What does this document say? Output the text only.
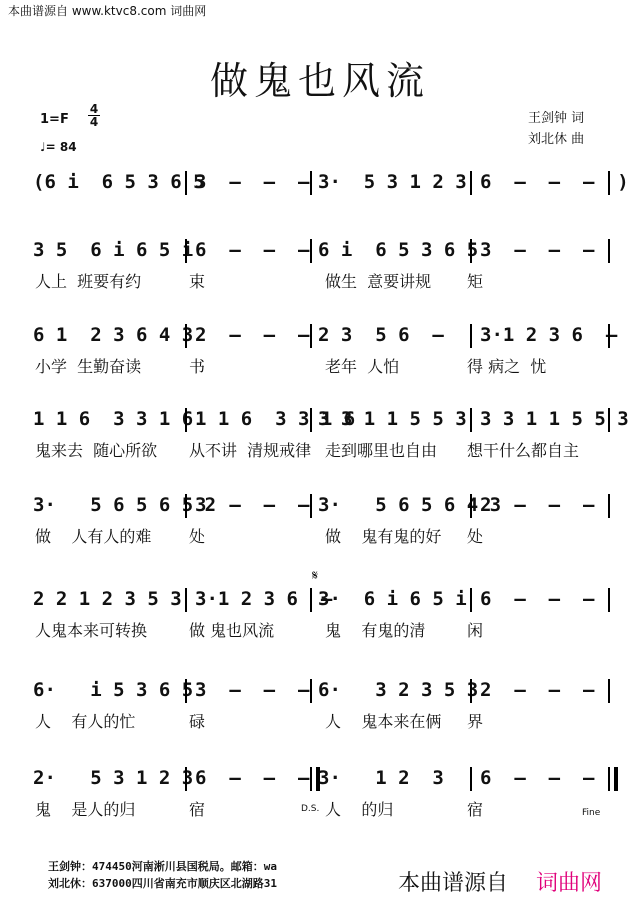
本曲谱源自 www.ktvc8.com 词曲网
做鬼也风流
1=F
4
4
♩= 84
王剑钟 词
刘北休 曲
(6 i  6 5 3 6 5
3  –  –  – 3·  5 3 1 2 3 6  –  –  –  )
3 5  6 i 6 5 i 6  –  –  – 6 i  6 5 3 6 5 3  –  –  –
人上  班要有约	束	做生  意要讲规 矩
6 1  2 3 6 4 3 2  –  –  – 2 3  5 6  – 3·1 2 3 6  –
小学  生勤奋读	书	老年  人怕	得 病之  忧
1 1 6  3 3 1 6 1 1 6  3 3 1 6
3 3 1 1 5 5 3 3 3 1 1 5 5 3
鬼来去  随心所欲 从不讲  清规戒律 走到哪里也自由 想干什么都自主
3·   5 6 5 6 5 2
3  –  –  – 3·   5 6 5 6 4 3
2  –  –  –
做    人有人的难 处	做    鬼有鬼的好 处
2 2 1 2 3 5 3 3·1 2 3 6  –
3·  6 i 6 5 i 6  –  –  –
人鬼本来可转换	做 鬼也风流	鬼    有鬼的清	闲
6·   i 5 3 6 5 3  –  –  – 6·   3 2 3 5 3 2  –  –  –
人    有人的忙	碌	人    鬼本来在俩 界
2·   5 3 1 2 3 6  –  –  – 3·   1 2  3 6  –  –  –
鬼    是人的归	宿	人    的归	宿
𝄋
D.S.	Fine
王剑钟：474450河南淅川县国税局。邮箱：wa
刘北休：637000四川省南充市顺庆区北湖路31	本曲谱源自 词曲网
